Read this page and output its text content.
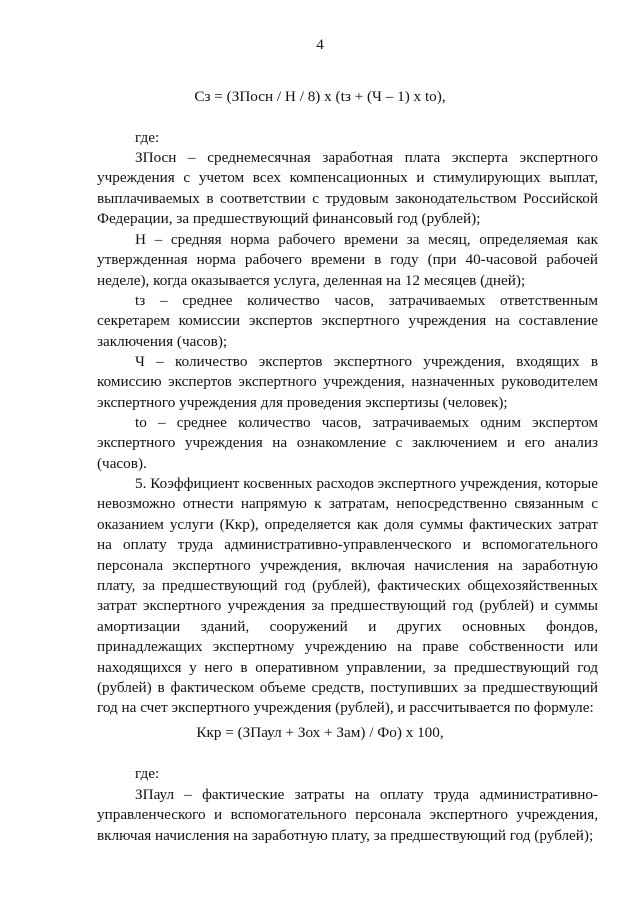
4
Сз = (ЗПосн / Н / 8) х (tз + (Ч – 1) х to),
где:

ЗПосн – среднемесячная заработная плата эксперта экспертного учреждения с учетом всех компенсационных и стимулирующих выплат, выплачиваемых в соответствии с трудовым законодательством Российской Федерации, за предшествующий финансовый год (рублей);

Н – средняя норма рабочего времени за месяц, определяемая как утвержденная норма рабочего времени в году (при 40-часовой рабочей неделе), когда оказывается услуга, деленная на 12 месяцев (дней);

tз – среднее количество часов, затрачиваемых ответственным секретарем комиссии экспертов экспертного учреждения на составление заключения (часов);

Ч – количество экспертов экспертного учреждения, входящих в комиссию экспертов экспертного учреждения, назначенных руководителем экспертного учреждения для проведения экспертизы (человек);

to – среднее количество часов, затрачиваемых одним экспертом экспертного учреждения на ознакомление с заключением и его анализ (часов).

5. Коэффициент косвенных расходов экспертного учреждения, которые невозможно отнести напрямую к затратам, непосредственно связанным с оказанием услуги (Ккр), определяется как доля суммы фактических затрат на оплату труда административно-управленческого и вспомогательного персонала экспертного учреждения, включая начисления на заработную плату, за предшествующий год (рублей), фактических общехозяйственных затрат экспертного учреждения за предшествующий год (рублей) и суммы амортизации зданий, сооружений и других основных фондов, принадлежащих экспертному учреждению на праве собственности или находящихся у него в оперативном управлении, за предшествующий год (рублей) в фактическом объеме средств, поступивших за предшествующий год на счет экспертного учреждения (рублей), и рассчитывается по формуле:

Ккр = (ЗПаул + Зох + Зам) / Фо) х 100,
где:

ЗПаул – фактические затраты на оплату труда административно-управленческого и вспомогательного персонала экспертного учреждения, включая начисления на заработную плату, за предшествующий год (рублей);
